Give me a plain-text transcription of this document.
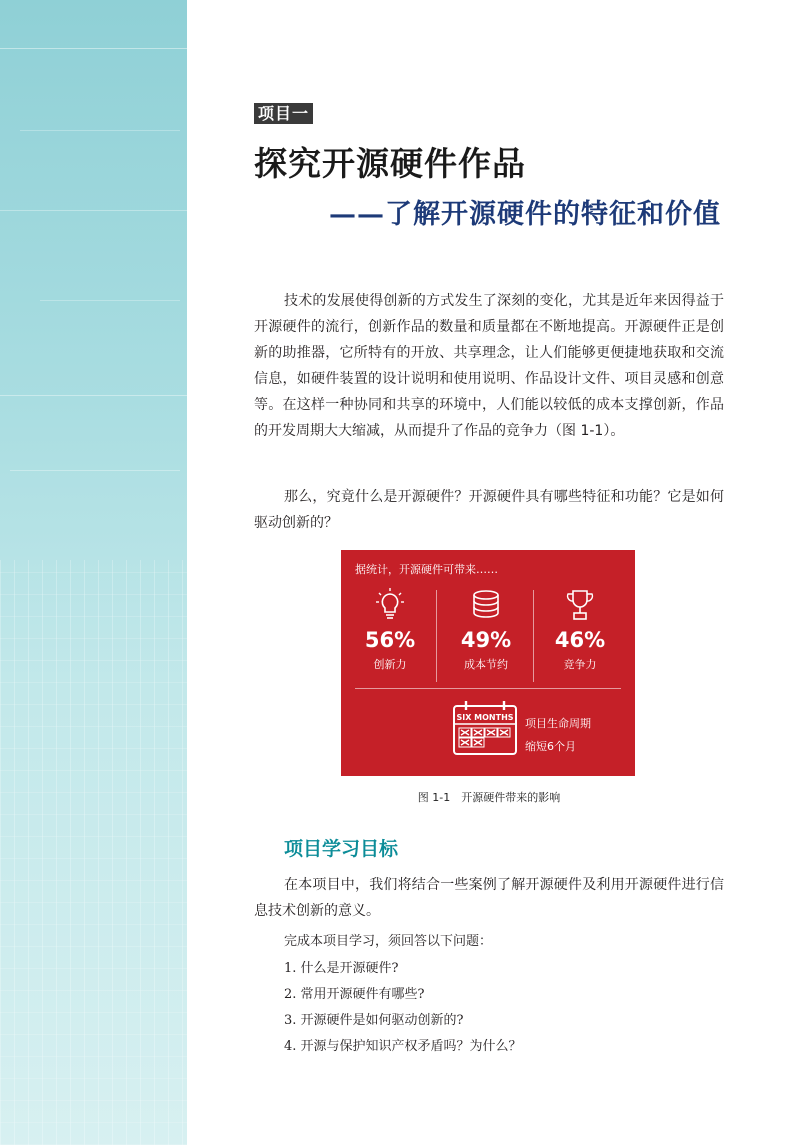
项目一
探究开源硬件作品
——了解开源硬件的特征和价值

技术的发展使得创新的方式发生了深刻的变化，尤其是近年来因得益于开源硬件的流行，创新作品的数量和质量都在不断地提高。开源硬件正是创新的助推器，它所特有的开放、共享理念，让人们能够更便捷地获取和交流信息，如硬件装置的设计说明和使用说明、作品设计文件、项目灵感和创意等。在这样一种协同和共享的环境中，人们能以较低的成本支撑创新，作品的开发周期大大缩减，从而提升了作品的竞争力（图 1-1）。

那么，究竟什么是开源硬件？开源硬件具有哪些特征和功能？它是如何驱动创新的？

据统计，开源硬件可带来……
56%
创新力
49%
成本节约
46%
竞争力
SIX MONTHS 项目生命周期
缩短6个月
图 1-1　开源硬件带来的影响
项目学习目标

在本项目中，我们将结合一些案例了解开源硬件及利用开源硬件进行信息技术创新的意义。

完成本项目学习，须回答以下问题：
1. 什么是开源硬件?
2. 常用开源硬件有哪些?
3. 开源硬件是如何驱动创新的?
4. 开源与保护知识产权矛盾吗？为什么？
